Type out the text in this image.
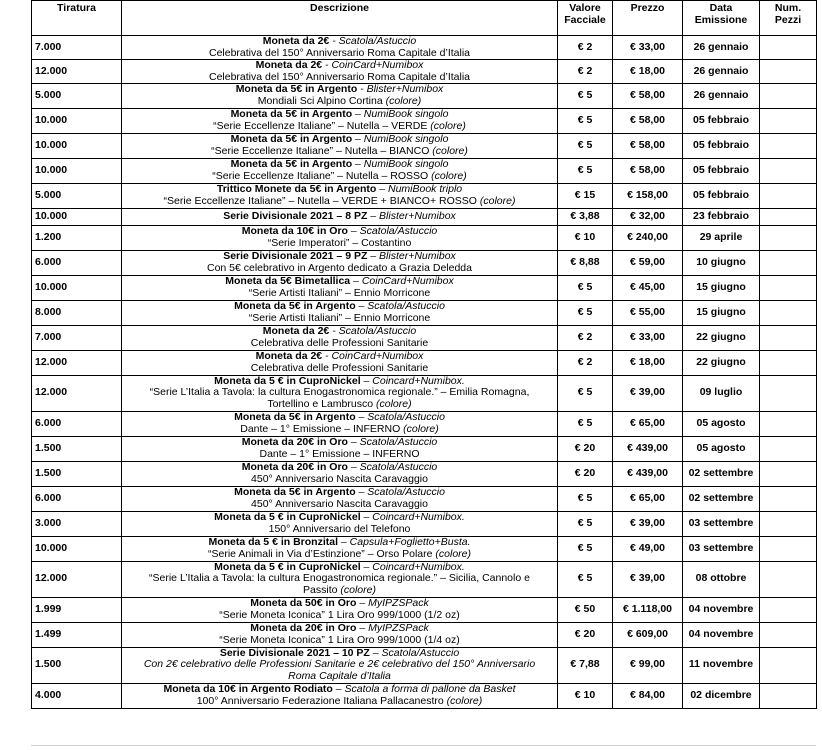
Tiratura	Descrizione	Valore Facciale	Prezzo	Data Emissione	Num. Pezzi
7.000	Moneta da 2€ - Scatola/Astuccio
Celebrativa del 150° Anniversario Roma Capitale d’Italia	€ 2	€ 33,00	26 gennaio	
12.000	Moneta da 2€ - CoinCard+Numibox
Celebrativa del 150° Anniversario Roma Capitale d’Italia	€ 2	€ 18,00	26 gennaio	
5.000	Moneta da 5€ in Argento - Blister+Numibox
Mondiali Sci Alpino Cortina (colore)	€ 5	€ 58,00	26 gennaio	
10.000	Moneta da 5€ in Argento – NumiBook singolo
“Serie Eccellenze Italiane” – Nutella – VERDE (colore)	€ 5	€ 58,00	05 febbraio	
10.000	Moneta da 5€ in Argento – NumiBook singolo
“Serie Eccellenze Italiane” – Nutella – BIANCO (colore)	€ 5	€ 58,00	05 febbraio	
10.000	Moneta da 5€ in Argento – NumiBook singolo
“Serie Eccellenze Italiane” – Nutella – ROSSO (colore)	€ 5	€ 58,00	05 febbraio	
5.000	Trittico Monete da 5€ in Argento – NumiBook triplo
“Serie Eccellenze Italiane” – Nutella – VERDE + BIANCO+ ROSSO (colore)	€ 15	€ 158,00	05 febbraio	
10.000	Serie Divisionale 2021 – 8 PZ – Blister+Numibox	€ 3,88	€ 32,00	23 febbraio	
1.200	Moneta da 10€ in Oro – Scatola/Astuccio
“Serie Imperatori” – Costantino	€ 10	€ 240,00	29 aprile	
6.000	Serie Divisionale 2021 – 9 PZ – Blister+Numibox
Con 5€ celebrativo in Argento dedicato a Grazia Deledda	€ 8,88	€ 59,00	10 giugno	
10.000	Moneta da 5€ Bimetallica – CoinCard+Numibox
“Serie Artisti Italiani” – Ennio Morricone	€ 5	€ 45,00	15 giugno	
8.000	Moneta da 5€ in Argento – Scatola/Astuccio
“Serie Artisti Italiani” – Ennio Morricone	€ 5	€ 55,00	15 giugno	
7.000	Moneta da 2€ - Scatola/Astuccio
Celebrativa delle Professioni Sanitarie	€ 2	€ 33,00	22 giugno	
12.000	Moneta da 2€ - CoinCard+Numibox
Celebrativa delle Professioni Sanitarie	€ 2	€ 18,00	22 giugno	
12.000	Moneta da 5 € in CuproNickel – Coincard+Numibox.
“Serie L’Italia a Tavola: la cultura Enogastronomica regionale.” – Emilia Romagna,
Tortellino e Lambrusco (colore)	€ 5	€ 39,00	09 luglio	
6.000	Moneta da 5€ in Argento – Scatola/Astuccio
Dante – 1° Emissione – INFERNO (colore)	€ 5	€ 65,00	05 agosto	
1.500	Moneta da 20€ in Oro – Scatola/Astuccio
Dante – 1° Emissione – INFERNO	€ 20	€ 439,00	05 agosto	
1.500	Moneta da 20€ in Oro – Scatola/Astuccio
450° Anniversario Nascita Caravaggio	€ 20	€ 439,00	02 settembre	
6.000	Moneta da 5€ in Argento – Scatola/Astuccio
450° Anniversario Nascita Caravaggio	€ 5	€ 65,00	02 settembre	
3.000	Moneta da 5 € in CuproNickel – Coincard+Numibox.
150° Anniversario del Telefono	€ 5	€ 39,00	03 settembre	
10.000	Moneta da 5 € in Bronzital – Capsula+Foglietto+Busta.
“Serie Animali in Via d’Estinzione” – Orso Polare (colore)	€ 5	€ 49,00	03 settembre	
12.000	Moneta da 5 € in CuproNickel – Coincard+Numibox.
“Serie L’Italia a Tavola: la cultura Enogastronomica regionale.” – Sicilia, Cannolo e
Passito (colore)	€ 5	€ 39,00	08 ottobre	
1.999	Moneta da 50€ in Oro – MyIPZSPack
“Serie Moneta Iconica” 1 Lira Oro 999/1000 (1/2 oz)	€ 50	€ 1.118,00	04 novembre	
1.499	Moneta da 20€ in Oro – MyIPZSPack
“Serie Moneta Iconica” 1 Lira Oro 999/1000 (1/4 oz)	€ 20	€ 609,00	04 novembre	
1.500	Serie Divisionale 2021 – 10 PZ – Scatola/Astuccio
Con 2€ celebrativo delle Professioni Sanitarie e 2€ celebrativo del 150° Anniversario
Roma Capitale d’Italia	€ 7,88	€ 99,00	11 novembre	
4.000	Moneta da 10€ in Argento Rodiato – Scatola a forma di pallone da Basket
100° Anniversario Federazione Italiana Pallacanestro (colore)	€ 10	€ 84,00	02 dicembre	
